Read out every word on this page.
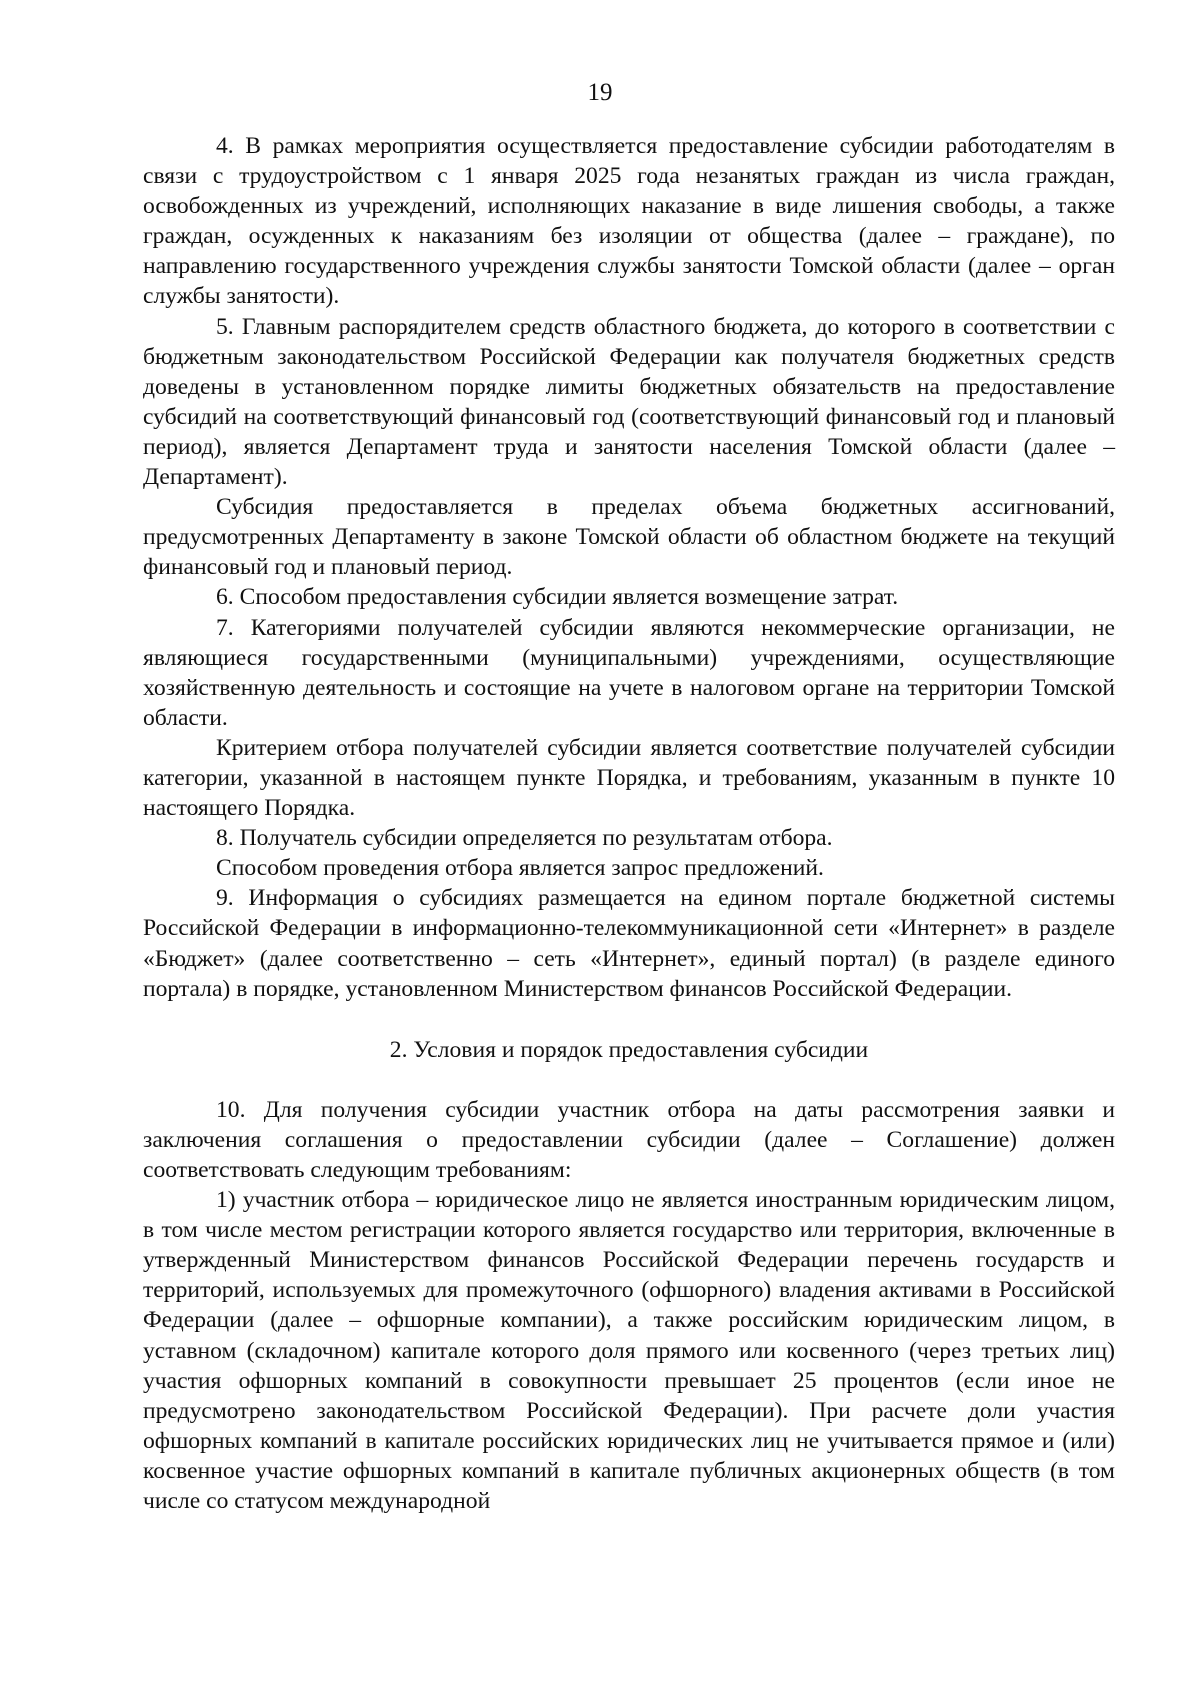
19

4. В рамках мероприятия осуществляется предоставление субсидии работодателям в связи с трудоустройством с 1 января 2025 года незанятых граждан из числа граждан, освобожденных из учреждений, исполняющих наказание в виде лишения свободы, а также граждан, осужденных к наказаниям без изоляции от общества (далее – граждане), по направлению государственного учреждения службы занятости Томской области (далее – орган службы занятости).

5. Главным распорядителем средств областного бюджета, до которого в соответствии с бюджетным законодательством Российской Федерации как получателя бюджетных средств доведены в установленном порядке лимиты бюджетных обязательств на предоставление субсидий на соответствующий финансовый год (соответствующий финансовый год и плановый период), является Департамент труда и занятости населения Томской области (далее – Департамент).

Субсидия предоставляется в пределах объема бюджетных ассигнований, предусмотренных Департаменту в законе Томской области об областном бюджете на текущий финансовый год и плановый период.

6. Способом предоставления субсидии является возмещение затрат.

7. Категориями получателей субсидии являются некоммерческие организации, не являющиеся государственными (муниципальными) учреждениями, осуществляющие хозяйственную деятельность и состоящие на учете в налоговом органе на территории Томской области.

Критерием отбора получателей субсидии является соответствие получателей субсидии категории, указанной в настоящем пункте Порядка, и требованиям, указанным в пункте 10 настоящего Порядка.

8. Получатель субсидии определяется по результатам отбора.

Способом проведения отбора является запрос предложений.

9. Информация о субсидиях размещается на едином портале бюджетной системы Российской Федерации в информационно-телекоммуникационной сети «Интернет» в разделе «Бюджет» (далее соответственно – сеть «Интернет», единый портал) (в разделе единого портала) в порядке, установленном Министерством финансов Российской Федерации.

2. Условия и порядок предоставления субсидии

10. Для получения субсидии участник отбора на даты рассмотрения заявки и заключения соглашения о предоставлении субсидии (далее – Соглашение) должен соответствовать следующим требованиям:

1) участник отбора – юридическое лицо не является иностранным юридическим лицом, в том числе местом регистрации которого является государство или территория, включенные в утвержденный Министерством финансов Российской Федерации перечень государств и территорий, используемых для промежуточного (офшорного) владения активами в Российской Федерации (далее – офшорные компании), а также российским юридическим лицом, в уставном (складочном) капитале которого доля прямого или косвенного (через третьих лиц) участия офшорных компаний в совокупности превышает 25 процентов (если иное не предусмотрено законодательством Российской Федерации). При расчете доли участия офшорных компаний в капитале российских юридических лиц не учитывается прямое и (или) косвенное участие офшорных компаний в капитале публичных акционерных обществ (в том числе со статусом международной
